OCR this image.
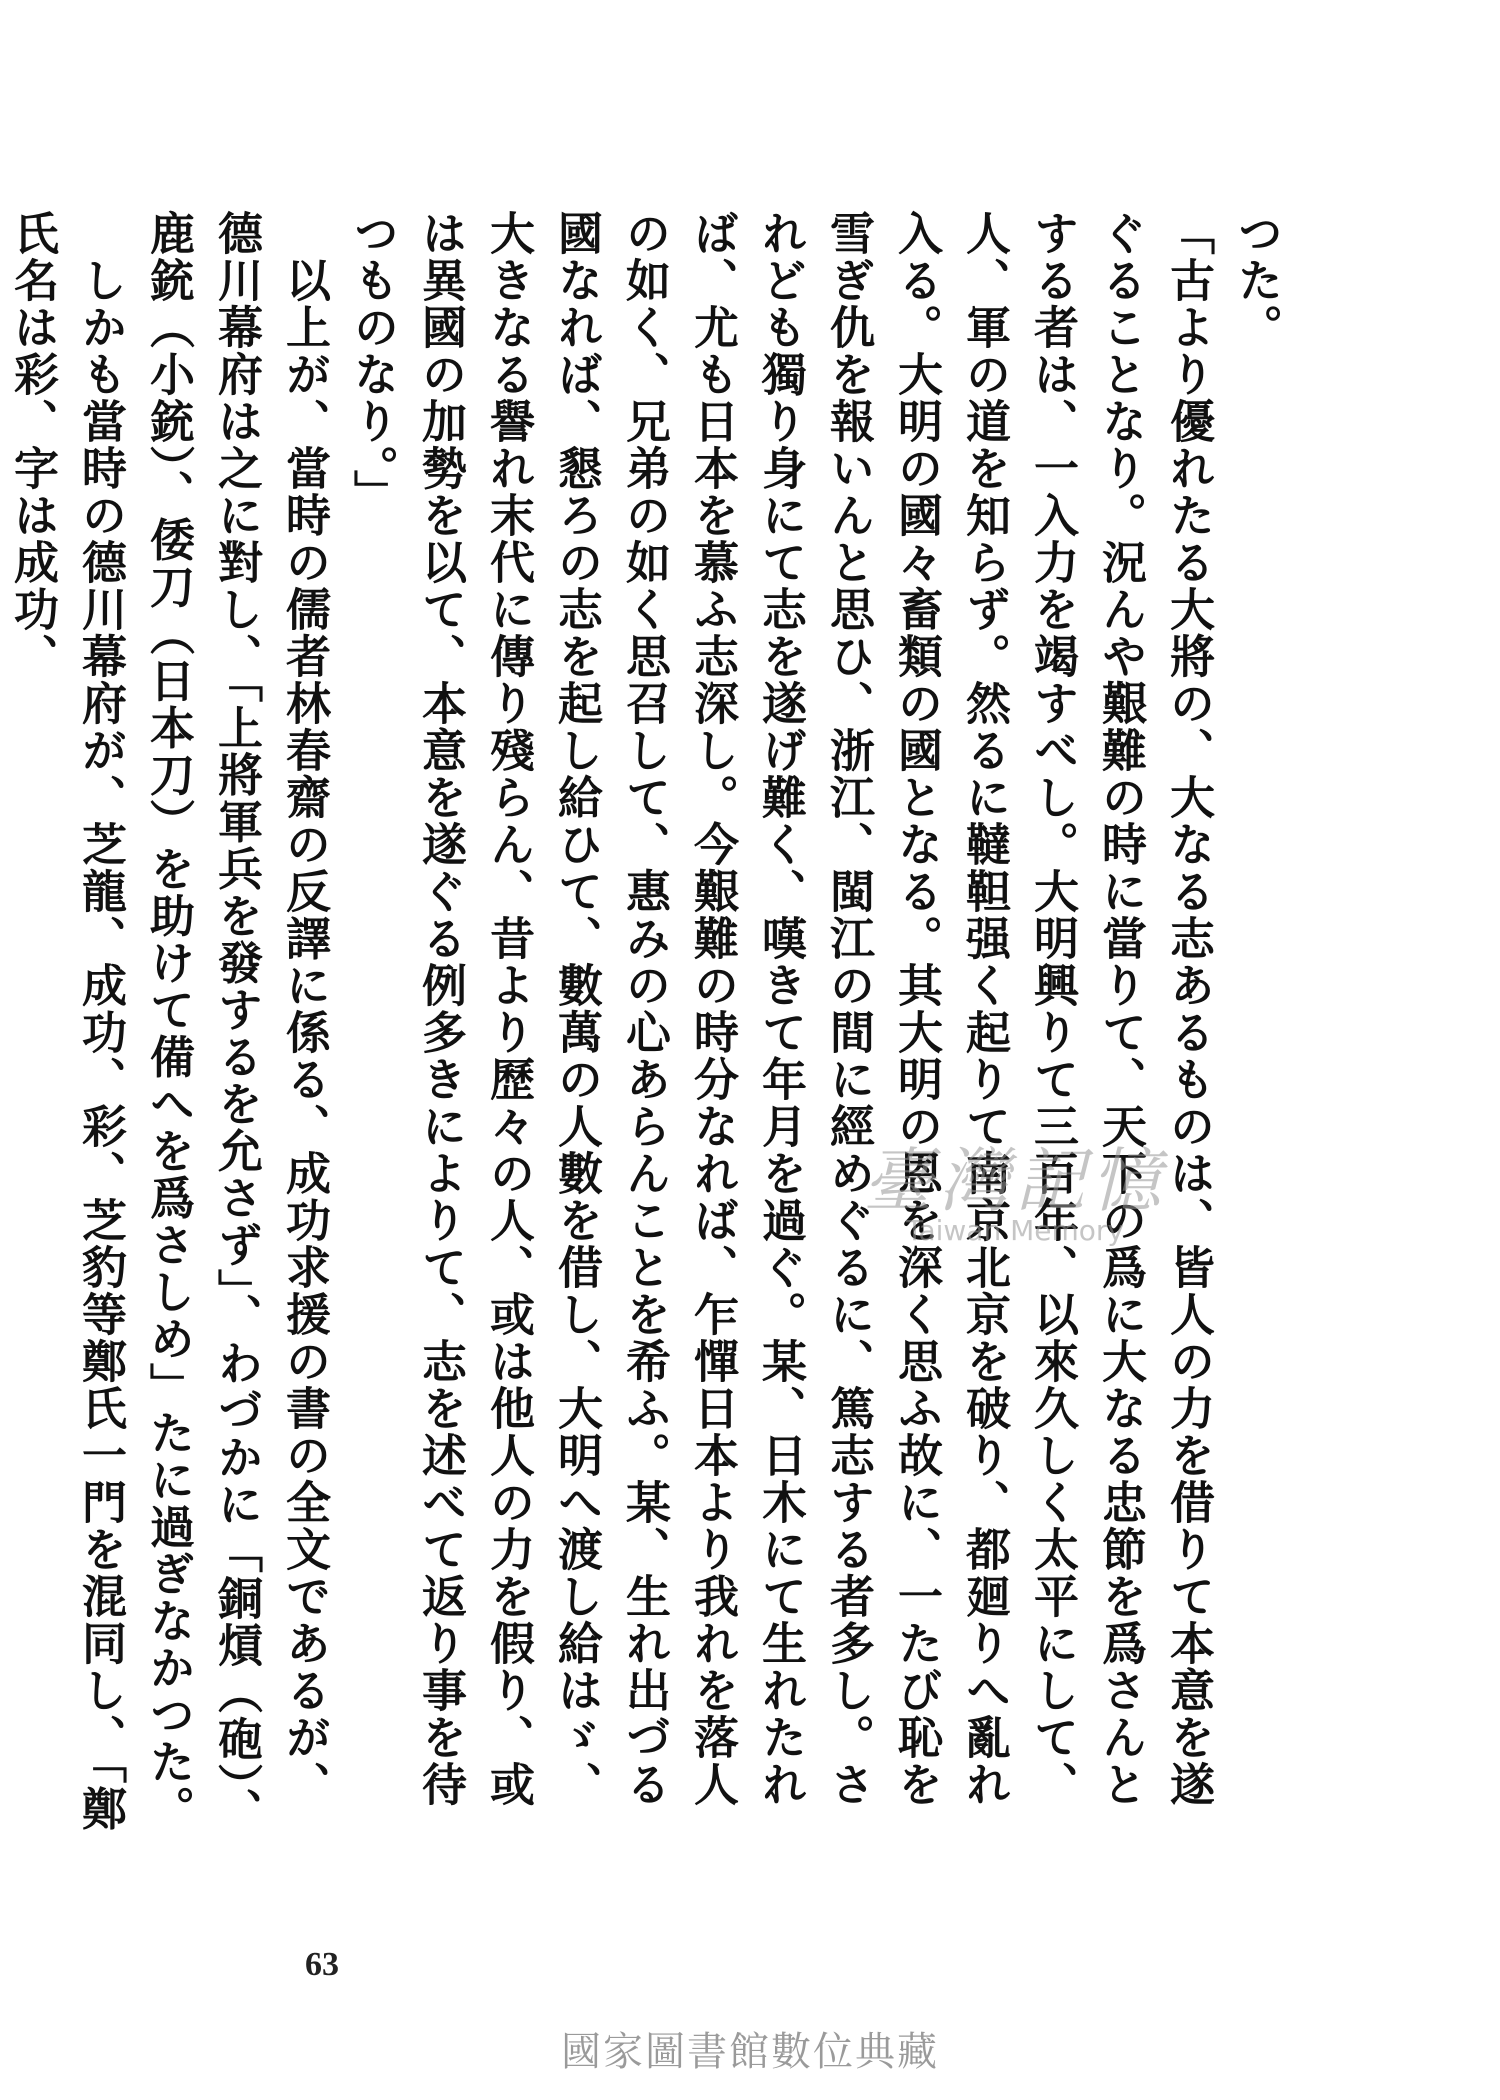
つた。

「古より優れたる大將の、大なる志あるものは、皆人の力を借りて本意を遂ぐることなり。況んや艱難の時に當りて、天下の爲に大なる忠節を爲さんとする者は、一入力を竭すべし。大明興りて三百年、以來久しく太平にして、人、軍の道を知らず。然るに韃靼强く起りて南京北京を破り、都廻りへ亂れ入る。大明の國々畜類の國となる。其大明の恩を深く思ふ故に、一たび恥を雪ぎ仇を報いんと思ひ、浙江、閩江の間に經めぐるに、篤志する者多し。されども獨り身にて志を遂げ難く、嘆きて年月を過ぐ。某、日木にて生れたれば、尤も日本を慕ふ志深し。今艱難の時分なれば、乍憚日本より我れを落人の如く、兄弟の如く思召して、惠みの心あらんことを希ふ。某、生れ出づる國なれば、懇ろの志を起し給ひて、數萬の人數を借し、大明へ渡し給はゞ、大きなる譽れ末代に傳り殘らん、昔より歷々の人、或は他人の力を假り、或は異國の加勢を以て、本意を遂ぐる例多きによりて、志を述べて返り事を待つものなり。」

　以上が、當時の儒者林春齋の反譯に係る、成功求援の書の全文であるが、德川幕府は之に對し、「上將軍兵を發するを允さず」、わづかに「銅熕（砲）、鹿銃（小銃）、倭刀（日本刀）を助けて備へを爲さしめ」たに過ぎなかつた。

　しかも當時の德川幕府が、芝龍、成功、彩、芝豹等鄭氏一門を混同し、「鄭氏名は彩、字は成功、

臺灣記憶
Taiwan Memory
63
國家圖書館數位典藏
